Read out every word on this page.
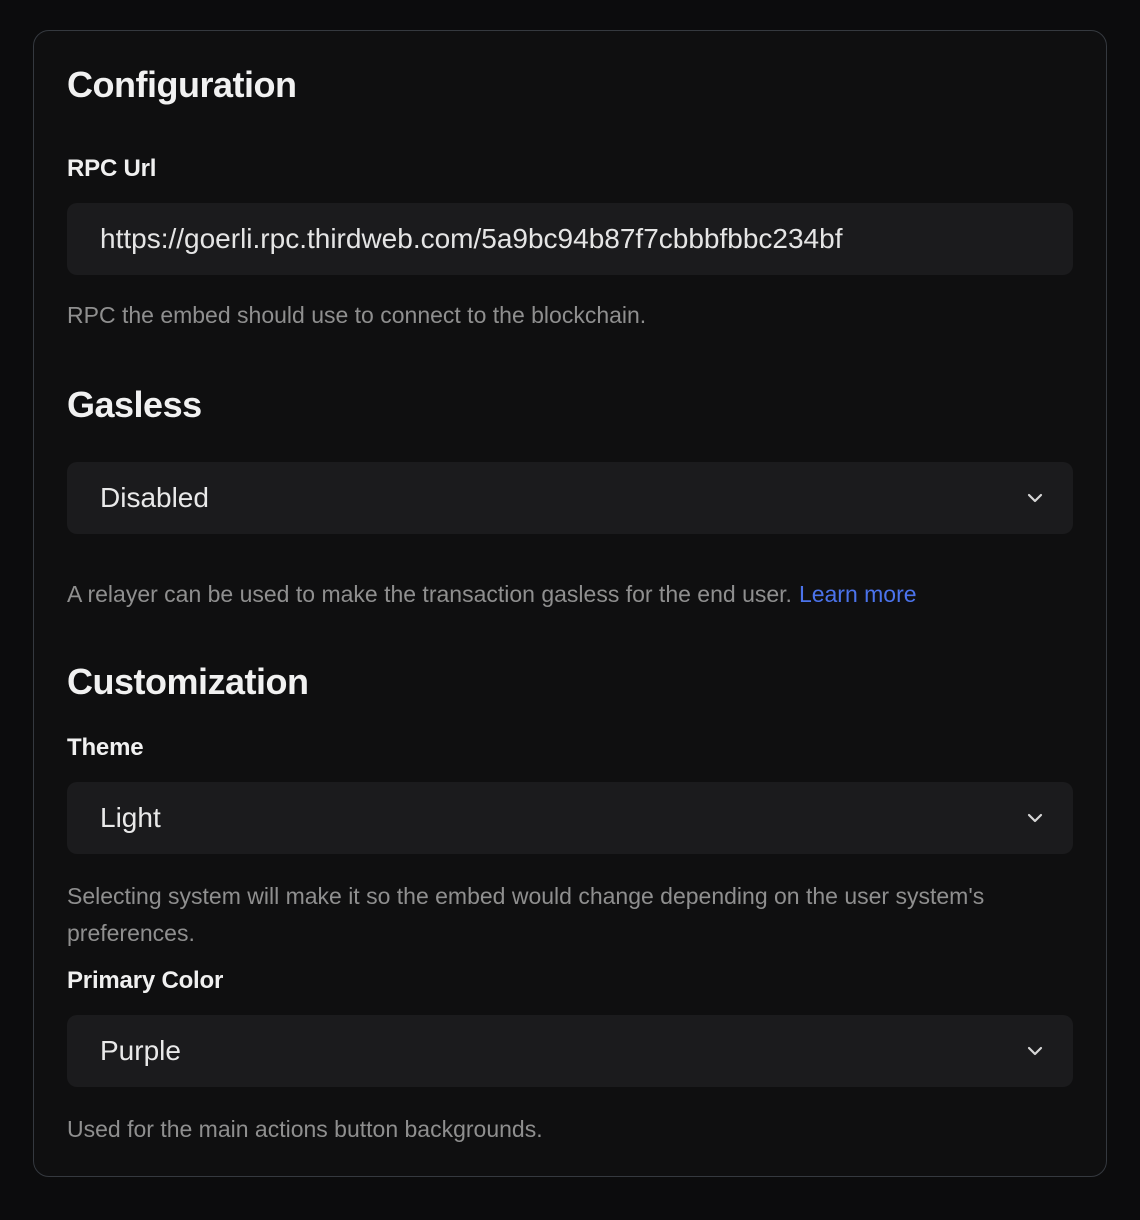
Configuration
RPC Url
https://goerli.rpc.thirdweb.com/5a9bc94b87f7cbbbfbbc234bf

RPC the embed should use to connect to the blockchain.

Gasless
Disabled

A relayer can be used to make the transaction gasless for the end user. Learn more

Customization
Theme
Light

Selecting system will make it so the embed would change depending on the user system's preferences.

Primary Color
Purple

Used for the main actions button backgrounds.
